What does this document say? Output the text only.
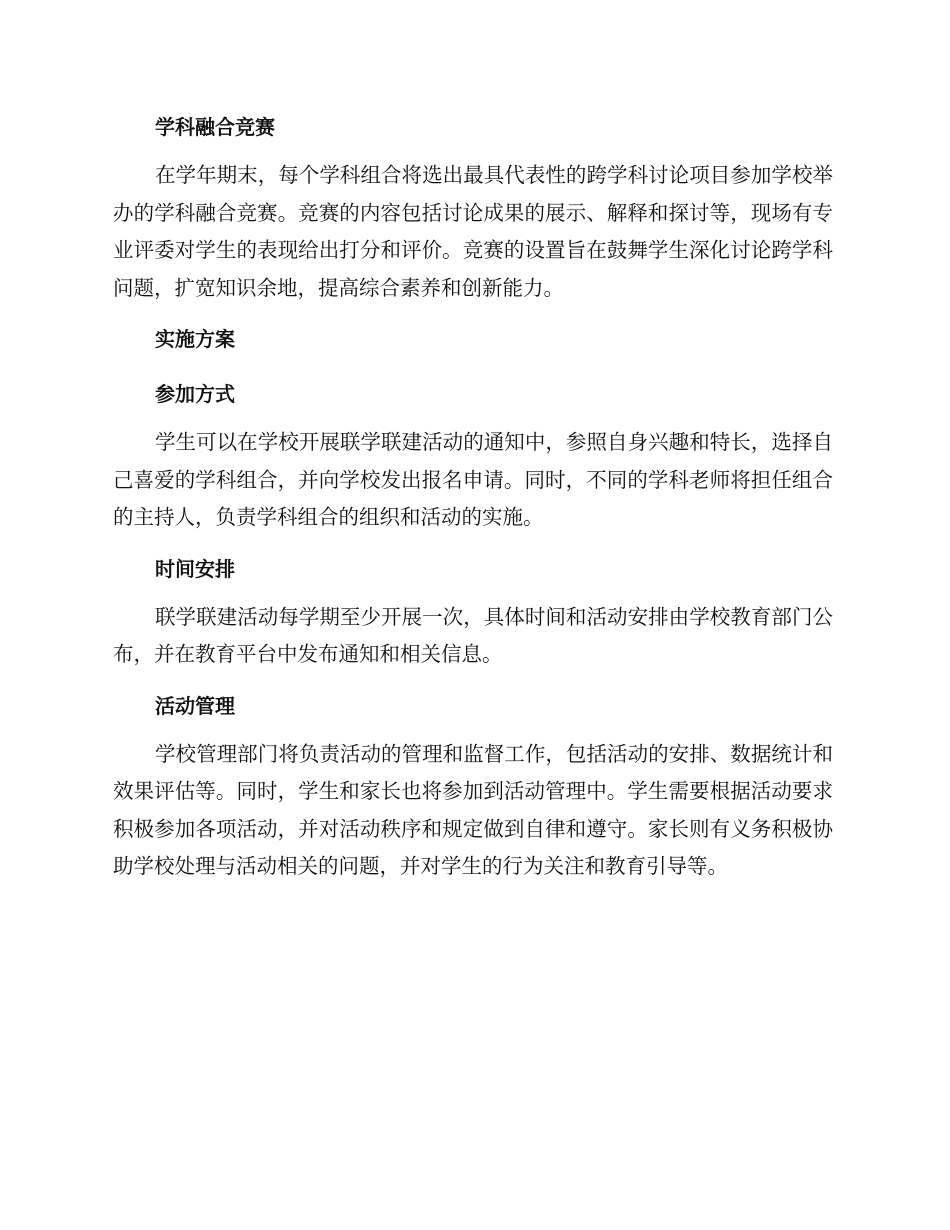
学科融合竞赛

在学年期末，每个学科组合将选出最具代表性的跨学科讨论项目参加学校举办的学科融合竞赛。竞赛的内容包括讨论成果的展示、解释和探讨等，现场有专业评委对学生的表现给出打分和评价。竞赛的设置旨在鼓舞学生深化讨论跨学科问题，扩宽知识余地，提高综合素养和创新能力。

实施方案
参加方式

学生可以在学校开展联学联建活动的通知中，参照自身兴趣和特长，选择自己喜爱的学科组合，并向学校发出报名申请。同时，不同的学科老师将担任组合的主持人，负责学科组合的组织和活动的实施。

时间安排

联学联建活动每学期至少开展一次，具体时间和活动安排由学校教育部门公布，并在教育平台中发布通知和相关信息。

活动管理

学校管理部门将负责活动的管理和监督工作，包括活动的安排、数据统计和效果评估等。同时，学生和家长也将参加到活动管理中。学生需要根据活动要求积极参加各项活动，并对活动秩序和规定做到自律和遵守。家长则有义务积极协助学校处理与活动相关的问题，并对学生的行为关注和教育引导等。
